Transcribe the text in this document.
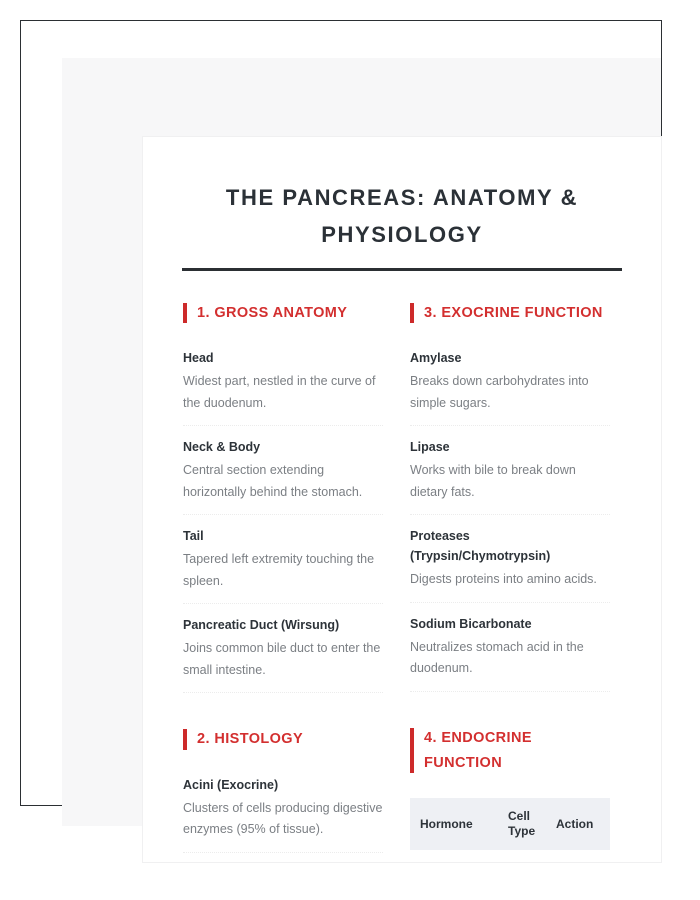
THE PANCREAS: ANATOMY & PHYSIOLOGY
1. GROSS ANATOMY

Head

Widest part, nestled in the curve of the duodenum.

Neck & Body

Central section extending horizontally behind the stomach.

Tail

Tapered left extremity touching the spleen.

Pancreatic Duct (Wirsung)

Joins common bile duct to enter the small intestine.

2. HISTOLOGY

Acini (Exocrine)

Clusters of cells producing digestive enzymes (95% of tissue).

3. EXOCRINE FUNCTION

Amylase

Breaks down carbohydrates into simple sugars.

Lipase

Works with bile to break down dietary fats.

Proteases (Trypsin/Chymotrypsin)

Digests proteins into amino acids.

Sodium Bicarbonate

Neutralizes stomach acid in the duodenum.

4. ENDOCRINE FUNCTION
Hormone	Cell Type	Action
